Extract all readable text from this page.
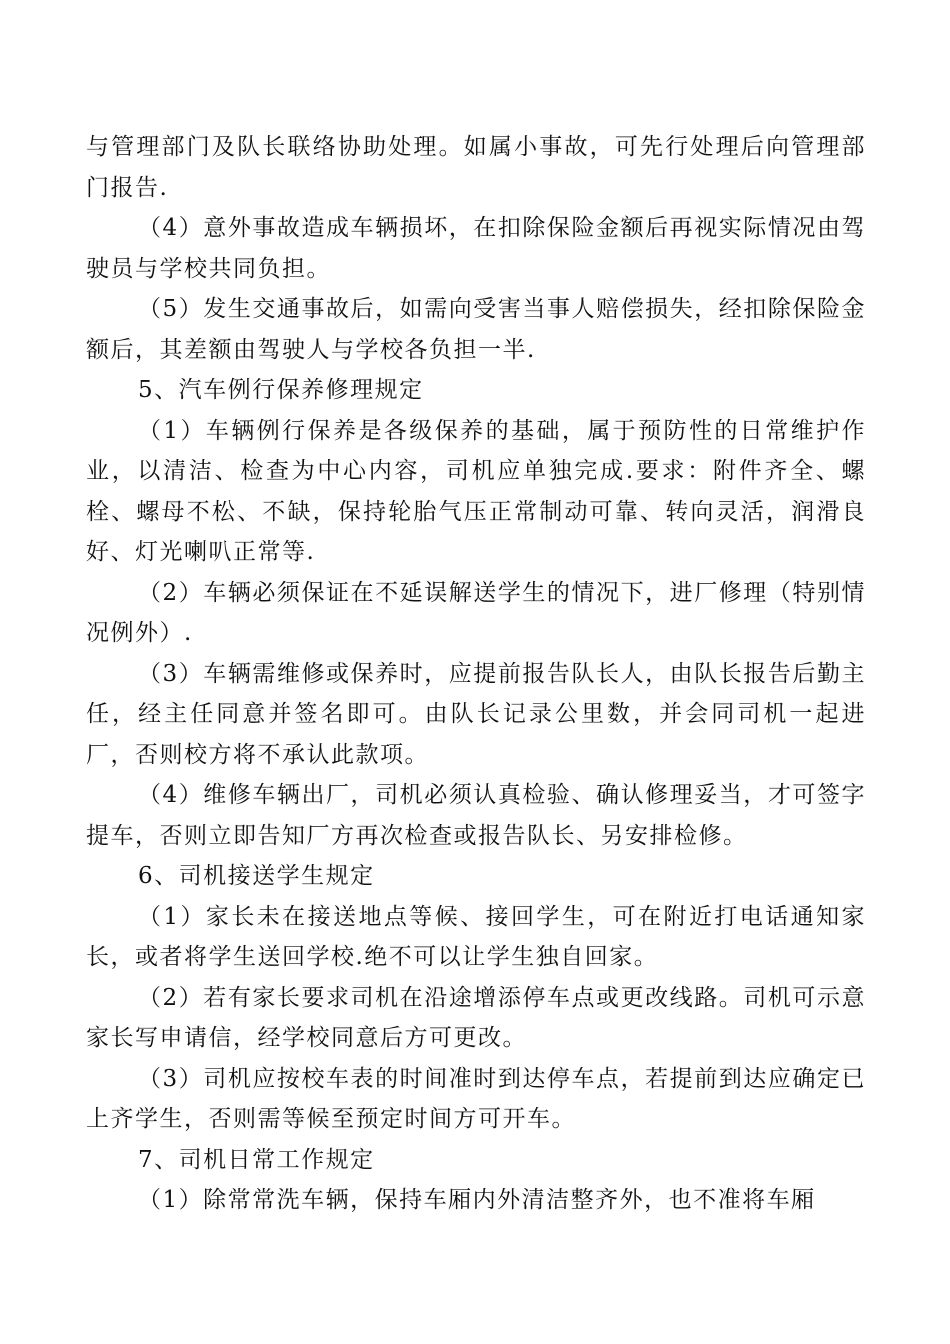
与管理部门及队长联络协助处理。如属小事故，可先行处理后向管理部门报告.

（4）意外事故造成车辆损坏，在扣除保险金额后再视实际情况由驾驶员与学校共同负担。

（5）发生交通事故后，如需向受害当事人赔偿损失，经扣除保险金额后，其差额由驾驶人与学校各负担一半.

5、汽车例行保养修理规定

（1）车辆例行保养是各级保养的基础，属于预防性的日常维护作业，以清洁、检查为中心内容，司机应单独完成.要求：附件齐全、螺栓、螺母不松、不缺，保持轮胎气压正常制动可靠、转向灵活，润滑良好、灯光喇叭正常等.

（2）车辆必须保证在不延误解送学生的情况下，进厂修理（特别情况例外）.

（3）车辆需维修或保养时，应提前报告队长人，由队长报告后勤主任，经主任同意并签名即可。由队长记录公里数，并会同司机一起进厂，否则校方将不承认此款项。

（4）维修车辆出厂，司机必须认真检验、确认修理妥当，才可签字提车，否则立即告知厂方再次检查或报告队长、另安排检修。

6、司机接送学生规定

（1）家长未在接送地点等候、接回学生，可在附近打电话通知家长，或者将学生送回学校.绝不可以让学生独自回家。

（2）若有家长要求司机在沿途增添停车点或更改线路。司机可示意家长写申请信，经学校同意后方可更改。

（3）司机应按校车表的时间准时到达停车点，若提前到达应确定已上齐学生，否则需等候至预定时间方可开车。

7、司机日常工作规定

（1）除常常洗车辆，保持车厢内外清洁整齐外，也不准将车厢
